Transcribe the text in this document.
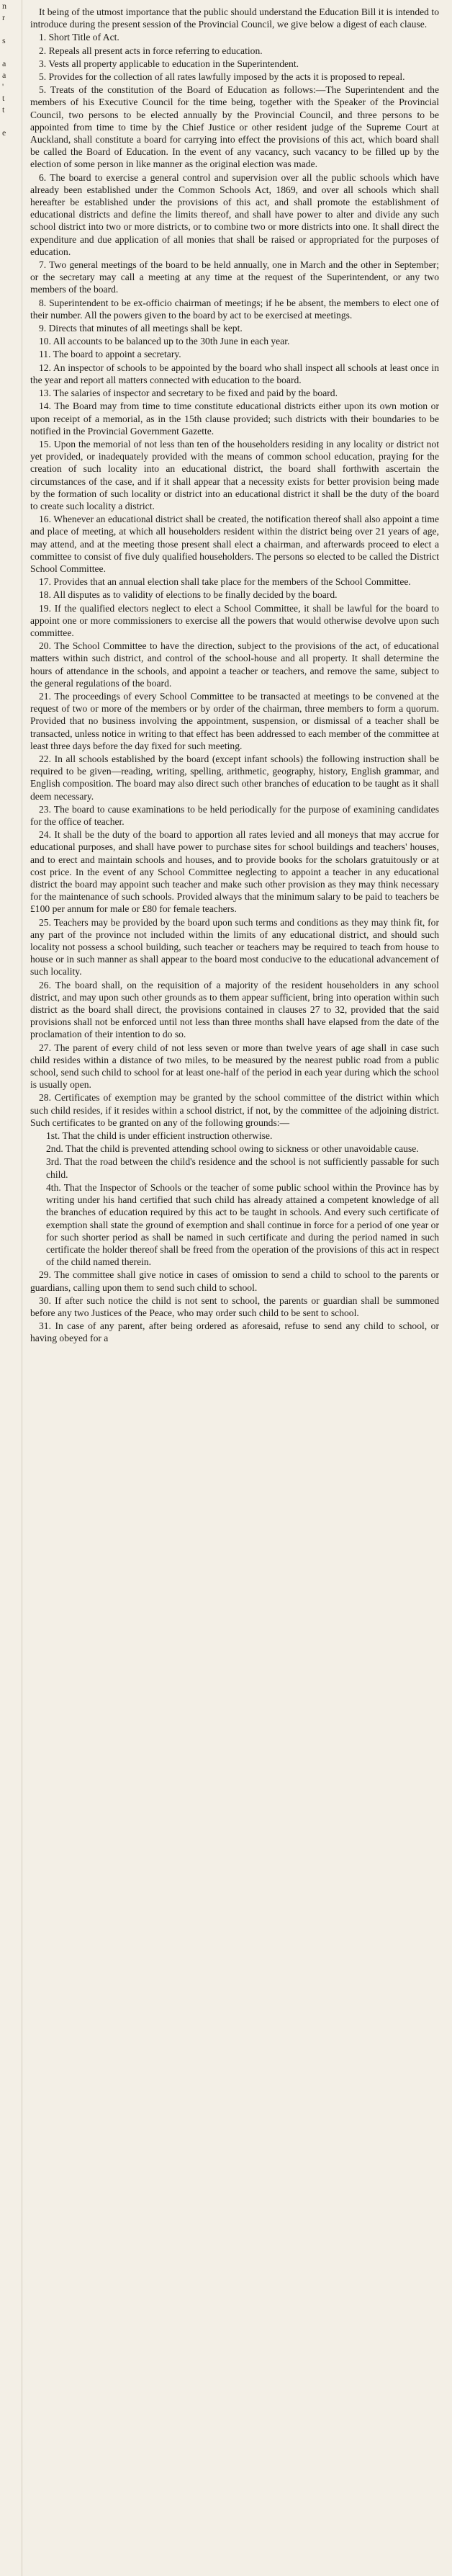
n
r
s
a
a
'
t
t
e

It being of the utmost importance that the public should understand the Education Bill it is intended to introduce during the present session of the Provincial Council, we give below a digest of each clause.

1. Short Title of Act.

2. Repeals all present acts in force referring to education.

3. Vests all property applicable to education in the Superintendent.

5. Provides for the collection of all rates lawfully imposed by the acts it is proposed to repeal.

5. Treats of the constitution of the Board of Education as follows:—The Superintendent and the members of his Executive Council for the time being, together with the Speaker of the Provincial Council, two persons to be elected annually by the Provincial Council, and three persons to be appointed from time to time by the Chief Justice or other resident judge of the Supreme Court at Auckland, shall constitute a board for carrying into effect the provisions of this act, which board shall be called the Board of Education. In the event of any vacancy, such vacancy to be filled up by the election of some person in like manner as the original election was made.

6. The board to exercise a general control and supervision over all the public schools which have already been established under the Common Schools Act, 1869, and over all schools which shall hereafter be established under the provisions of this act, and shall promote the establishment of educational districts and define the limits thereof, and shall have power to alter and divide any such school district into two or more districts, or to combine two or more districts into one. It shall direct the expenditure and due application of all monies that shall be raised or appropriated for the purposes of education.

7. Two general meetings of the board to be held annually, one in March and the other in September; or the secretary may call a meeting at any time at the request of the Superintendent, or any two members of the board.

8. Superintendent to be ex-officio chairman of meetings; if he be absent, the members to elect one of their number. All the powers given to the board by act to be exercised at meetings.

9. Directs that minutes of all meetings shall be kept.

10. All accounts to be balanced up to the 30th June in each year.

11. The board to appoint a secretary.

12. An inspector of schools to be appointed by the board who shall inspect all schools at least once in the year and report all matters connected with education to the board.

13. The salaries of inspector and secretary to be fixed and paid by the board.

14. The Board may from time to time constitute educational districts either upon its own motion or upon receipt of a memorial, as in the 15th clause provided; such districts with their boundaries to be notified in the Provincial Government Gazette.

15. Upon the memorial of not less than ten of the householders residing in any locality or district not yet provided, or inadequately provided with the means of common school education, praying for the creation of such locality into an educational district, the board shall forthwith ascertain the circumstances of the case, and if it shall appear that a necessity exists for better provision being made by the formation of such locality or district into an educational district it shall be the duty of the board to create such locality a district.

16. Whenever an educational district shall be created, the notification thereof shall also appoint a time and place of meeting, at which all householders resident within the district being over 21 years of age, may attend, and at the meeting those present shall elect a chairman, and afterwards proceed to elect a committee to consist of five duly qualified householders. The persons so elected to be called the District School Committee.

17. Provides that an annual election shall take place for the members of the School Committee.

18. All disputes as to validity of elections to be finally decided by the board.

19. If the qualified electors neglect to elect a School Committee, it shall be lawful for the board to appoint one or more commissioners to exercise all the powers that would otherwise devolve upon such committee.

20. The School Committee to have the direction, subject to the provisions of the act, of educational matters within such district, and control of the school-house and all property. It shall determine the hours of attendance in the schools, and appoint a teacher or teachers, and remove the same, subject to the general regulations of the board.

21. The proceedings of every School Committee to be transacted at meetings to be convened at the request of two or more of the members or by order of the chairman, three members to form a quorum. Provided that no business involving the appointment, suspension, or dismissal of a teacher shall be transacted, unless notice in writing to that effect has been addressed to each member of the committee at least three days before the day fixed for such meeting.

22. In all schools established by the board (except infant schools) the following instruction shall be required to be given—reading, writing, spelling, arithmetic, geography, history, English grammar, and English composition. The board may also direct such other branches of education to be taught as it shall deem necessary.

23. The board to cause examinations to be held periodically for the purpose of examining candidates for the office of teacher.

24. It shall be the duty of the board to apportion all rates levied and all moneys that may accrue for educational purposes, and shall have power to purchase sites for school buildings and teachers' houses, and to erect and maintain schools and houses, and to provide books for the scholars gratuitously or at cost price. In the event of any School Committee neglecting to appoint a teacher in any educational district the board may appoint such teacher and make such other provision as they may think necessary for the maintenance of such schools. Provided always that the minimum salary to be paid to teachers be £100 per annum for male or £80 for female teachers.

25. Teachers may be provided by the board upon such terms and conditions as they may think fit, for any part of the province not included within the limits of any educational district, and should such locality not possess a school building, such teacher or teachers may be required to teach from house to house or in such manner as shall appear to the board most conducive to the educational advancement of such locality.

26. The board shall, on the requisition of a majority of the resident householders in any school district, and may upon such other grounds as to them appear sufficient, bring into operation within such district as the board shall direct, the provisions contained in clauses 27 to 32, provided that the said provisions shall not be enforced until not less than three months shall have elapsed from the date of the proclamation of their intention to do so.

27. The parent of every child of not less seven or more than twelve years of age shall in case such child resides within a distance of two miles, to be measured by the nearest public road from a public school, send such child to school for at least one-half of the period in each year during which the school is usually open.

28. Certificates of exemption may be granted by the school committee of the district within which such child resides, if it resides within a school district, if not, by the committee of the adjoining district. Such certificates to be granted on any of the following grounds:—

1st. That the child is under efficient instruction otherwise.

2nd. That the child is prevented attending school owing to sickness or other unavoidable cause.

3rd. That the road between the child's residence and the school is not sufficiently passable for such child.

4th. That the Inspector of Schools or the teacher of some public school within the Province has by writing under his hand certified that such child has already attained a competent knowledge of all the branches of education required by this act to be taught in schools. And every such certificate of exemption shall state the ground of exemption and shall continue in force for a period of one year or for such shorter period as shall be named in such certificate and during the period named in such certificate the holder thereof shall be freed from the operation of the provisions of this act in respect of the child named therein.

29. The committee shall give notice in cases of omission to send a child to school to the parents or guardians, calling upon them to send such child to school.

30. If after such notice the child is not sent to school, the parents or guardian shall be summoned before any two Justices of the Peace, who may order such child to be sent to school.

31. In case of any parent, after being ordered as aforesaid, refuse to send any child to school, or having obeyed for a
